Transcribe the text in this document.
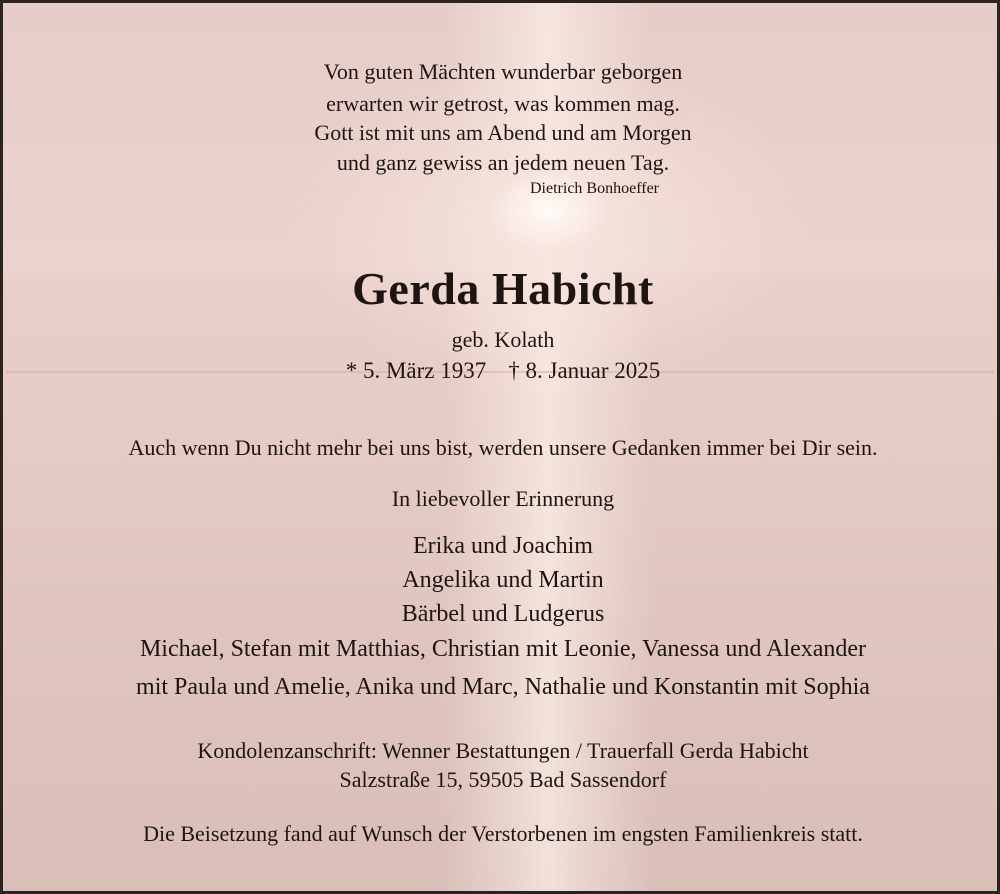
Von guten Mächten wunderbar geborgen
erwarten wir getrost, was kommen mag.
Gott ist mit uns am Abend und am Morgen
und ganz gewiss an jedem neuen Tag.
Dietrich Bonhoeffer
Gerda Habicht
geb. Kolath
* 5. März 1937 † 8. Januar 2025
Auch wenn Du nicht mehr bei uns bist, werden unsere Gedanken immer bei Dir sein.
In liebevoller Erinnerung
Erika und Joachim
Angelika und Martin
Bärbel und Ludgerus
Michael, Stefan mit Matthias, Christian mit Leonie, Vanessa und Alexander
mit Paula und Amelie, Anika und Marc, Nathalie und Konstantin mit Sophia
Kondolenzanschrift: Wenner Bestattungen / Trauerfall Gerda Habicht
Salzstraße 15, 59505 Bad Sassendorf
Die Beisetzung fand auf Wunsch der Verstorbenen im engsten Familienkreis statt.
